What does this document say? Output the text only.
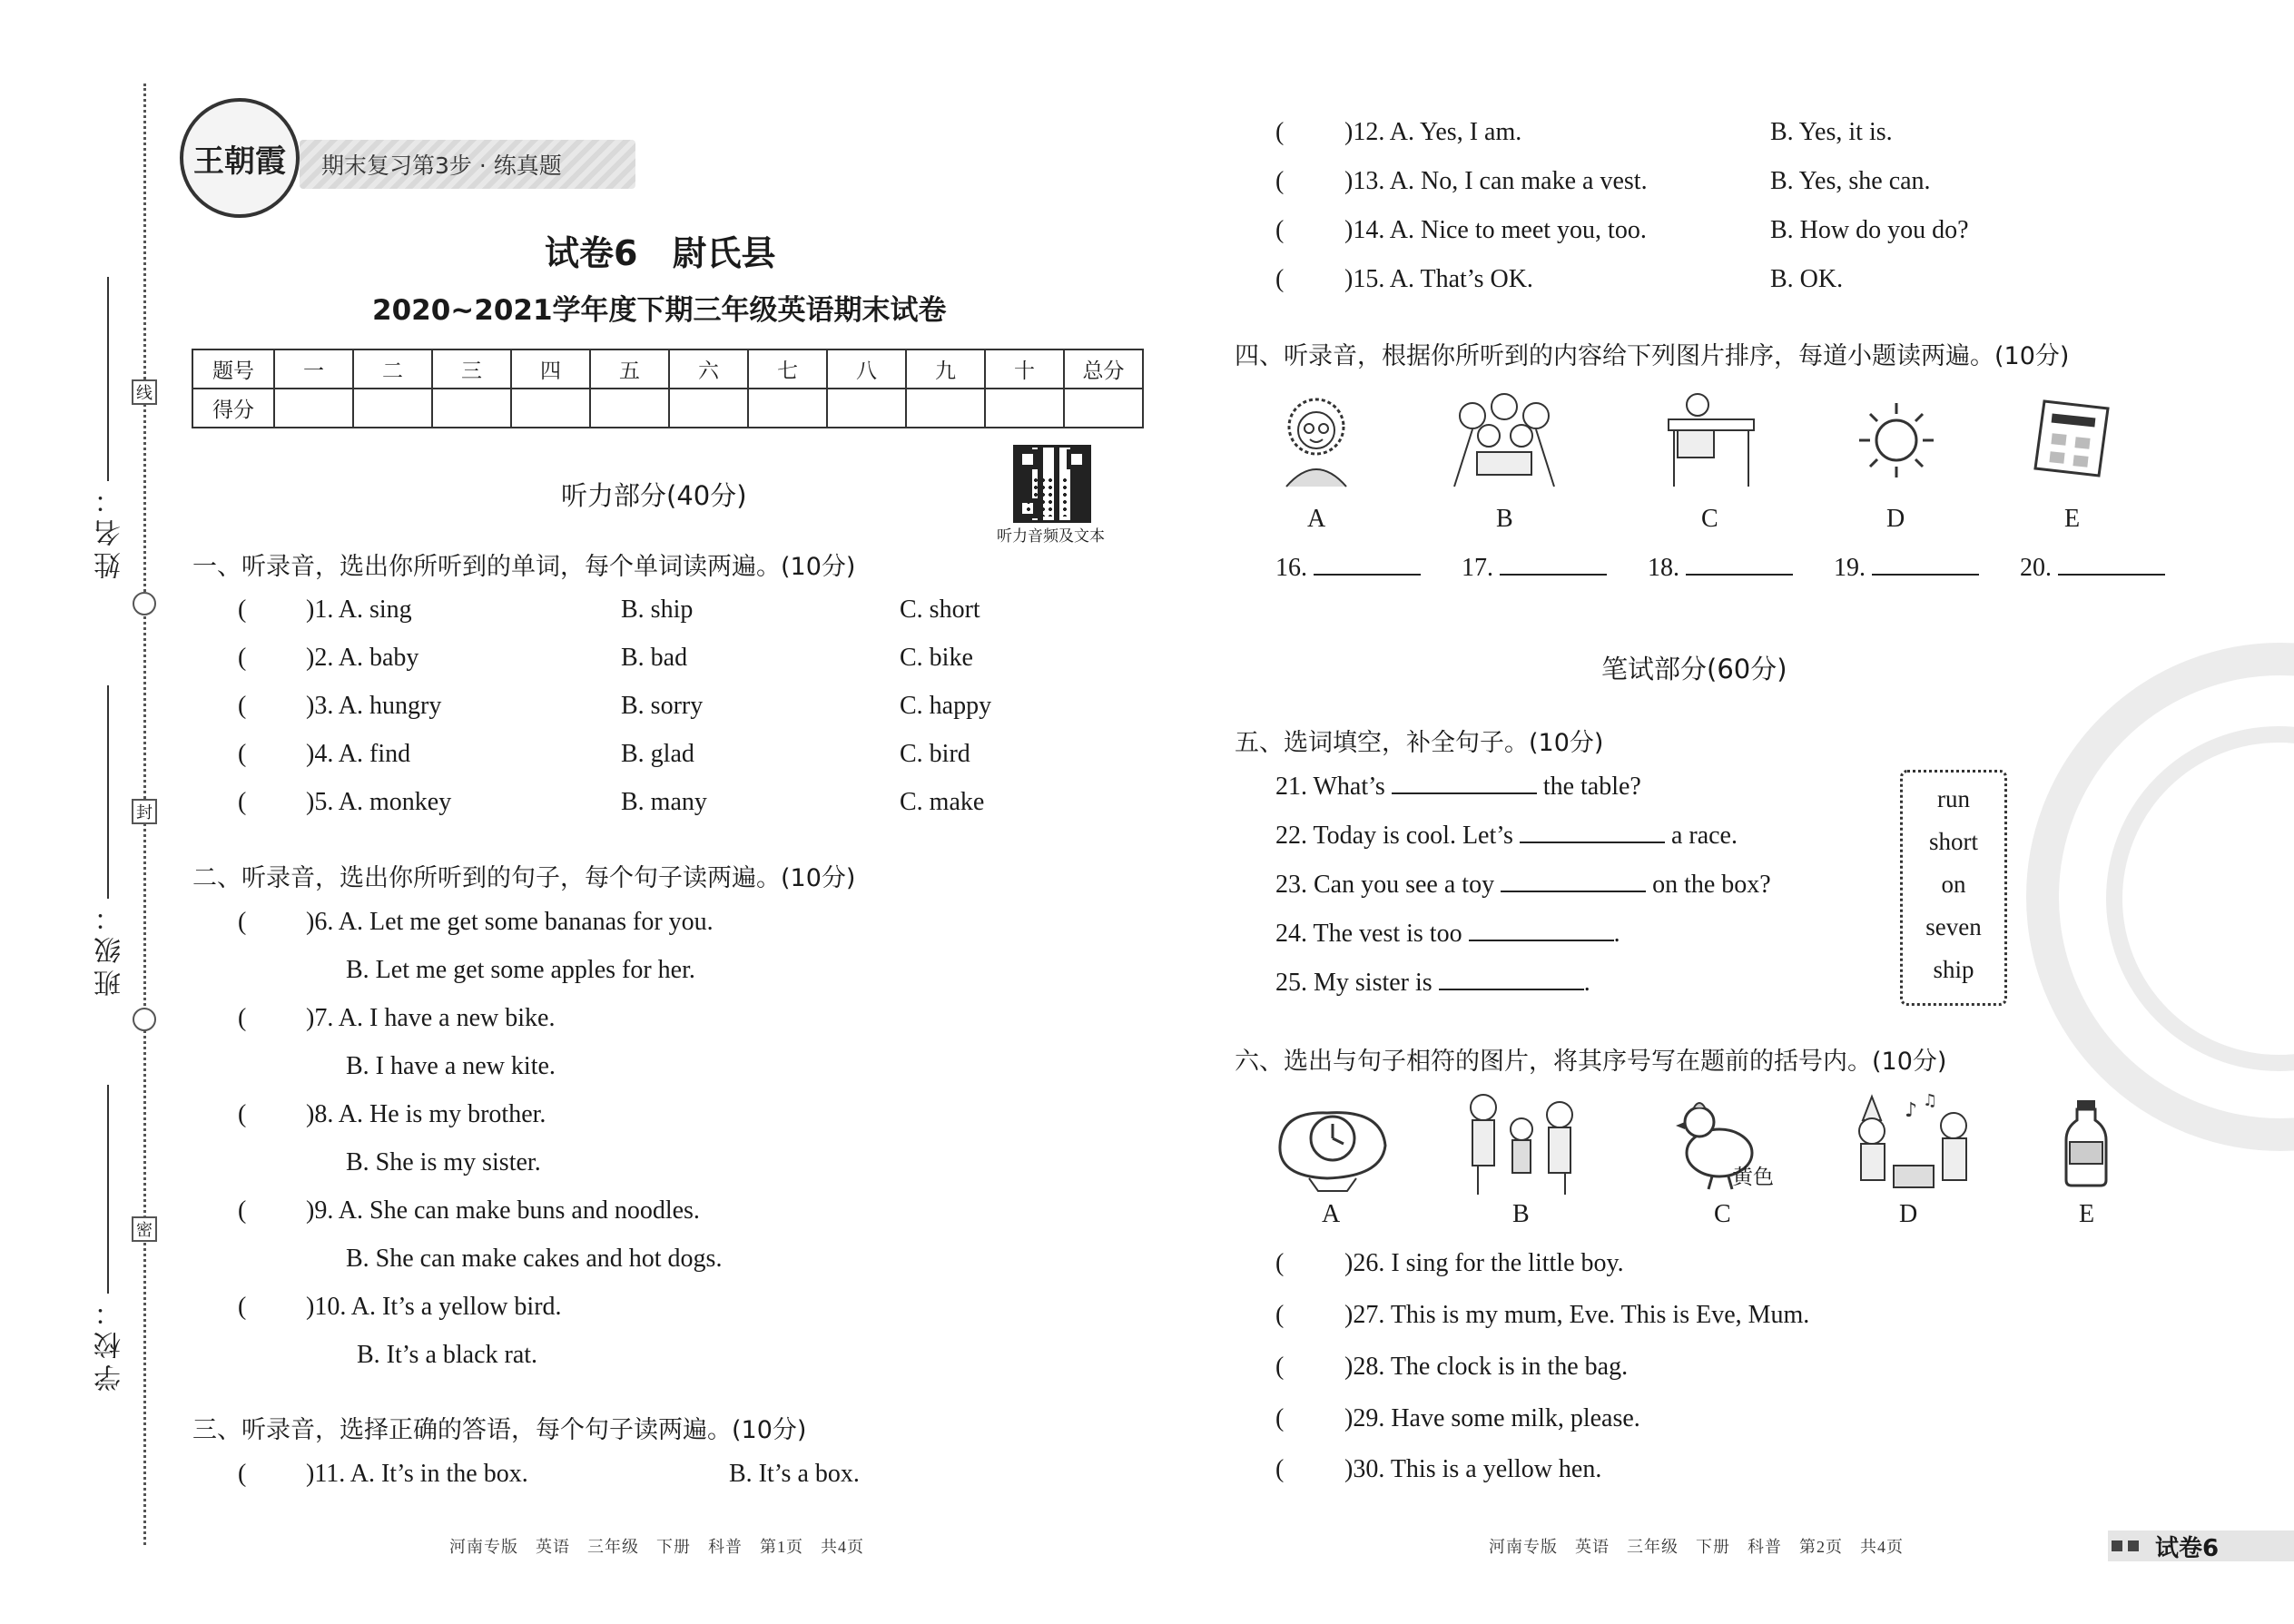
线
封
密
姓名：
班级：
学校：
王朝霞 期末复习第3步 · 练真题
试卷6　尉氏县
2020~2021学年度下期三年级英语期末试卷
题号	一	二	三	四	五	六	七	八	九	十	总分
得分											
听力音频及文本
听力部分(40分)
一、听录音，选出你所听到的单词，每个单词读两遍。(10分)
( )1. A. sing	B. ship	C. short
( )2. A. baby	B. bad	C. bike
( )3. A. hungry	B. sorry	C. happy
( )4. A. find	B. glad	C. bird
( )5. A. monkey	B. many	C. make
二、听录音，选出你所听到的句子，每个句子读两遍。(10分)
( )6. A. Let me get some bananas for you.
B. Let me get some apples for her.
( )7. A. I have a new bike.
B. I have a new kite.
( )8. A. He is my brother.
B. She is my sister.
( )9. A. She can make buns and noodles.
B. She can make cakes and hot dogs.
( )10. A. It’s a yellow bird.
B. It’s a black rat.
三、听录音，选择正确的答语，每个句子读两遍。(10分)
( )11. A. It’s in the box.	B. It’s a box.
河南专版　英语　三年级　下册　科普　第1页　共4页
( )12. A. Yes, I am.	B. Yes, it is.
( )13. A. No, I can make a vest.	B. Yes, she can.
( )14. A. Nice to meet you, too.	B. How do you do?
( )15. A. That’s OK.	B. OK.
四、听录音，根据你所听到的内容给下列图片排序，每道小题读两遍。(10分)
A	B	C	D	E
16.	17.	18.	19.	20.
笔试部分(60分)
五、选词填空，补全句子。(10分)
21. What’s	the table?
22. Today is cool. Let’s	a race.
23. Can you see a toy	on the box?
24. The vest is too	.
25. My sister is	.
run
short
on
seven
ship
六、选出与句子相符的图片，将其序号写在题前的括号内。(10分)
黄色
♪ ♫
A	B	C	D	E
( )26. I sing for the little boy.
( )27. This is my mum, Eve. This is Eve, Mum.
( )28. The clock is in the bag.
( )29. Have some milk, please.
( )30. This is a yellow hen.
河南专版　英语　三年级　下册　科普　第2页　共4页	试卷6
